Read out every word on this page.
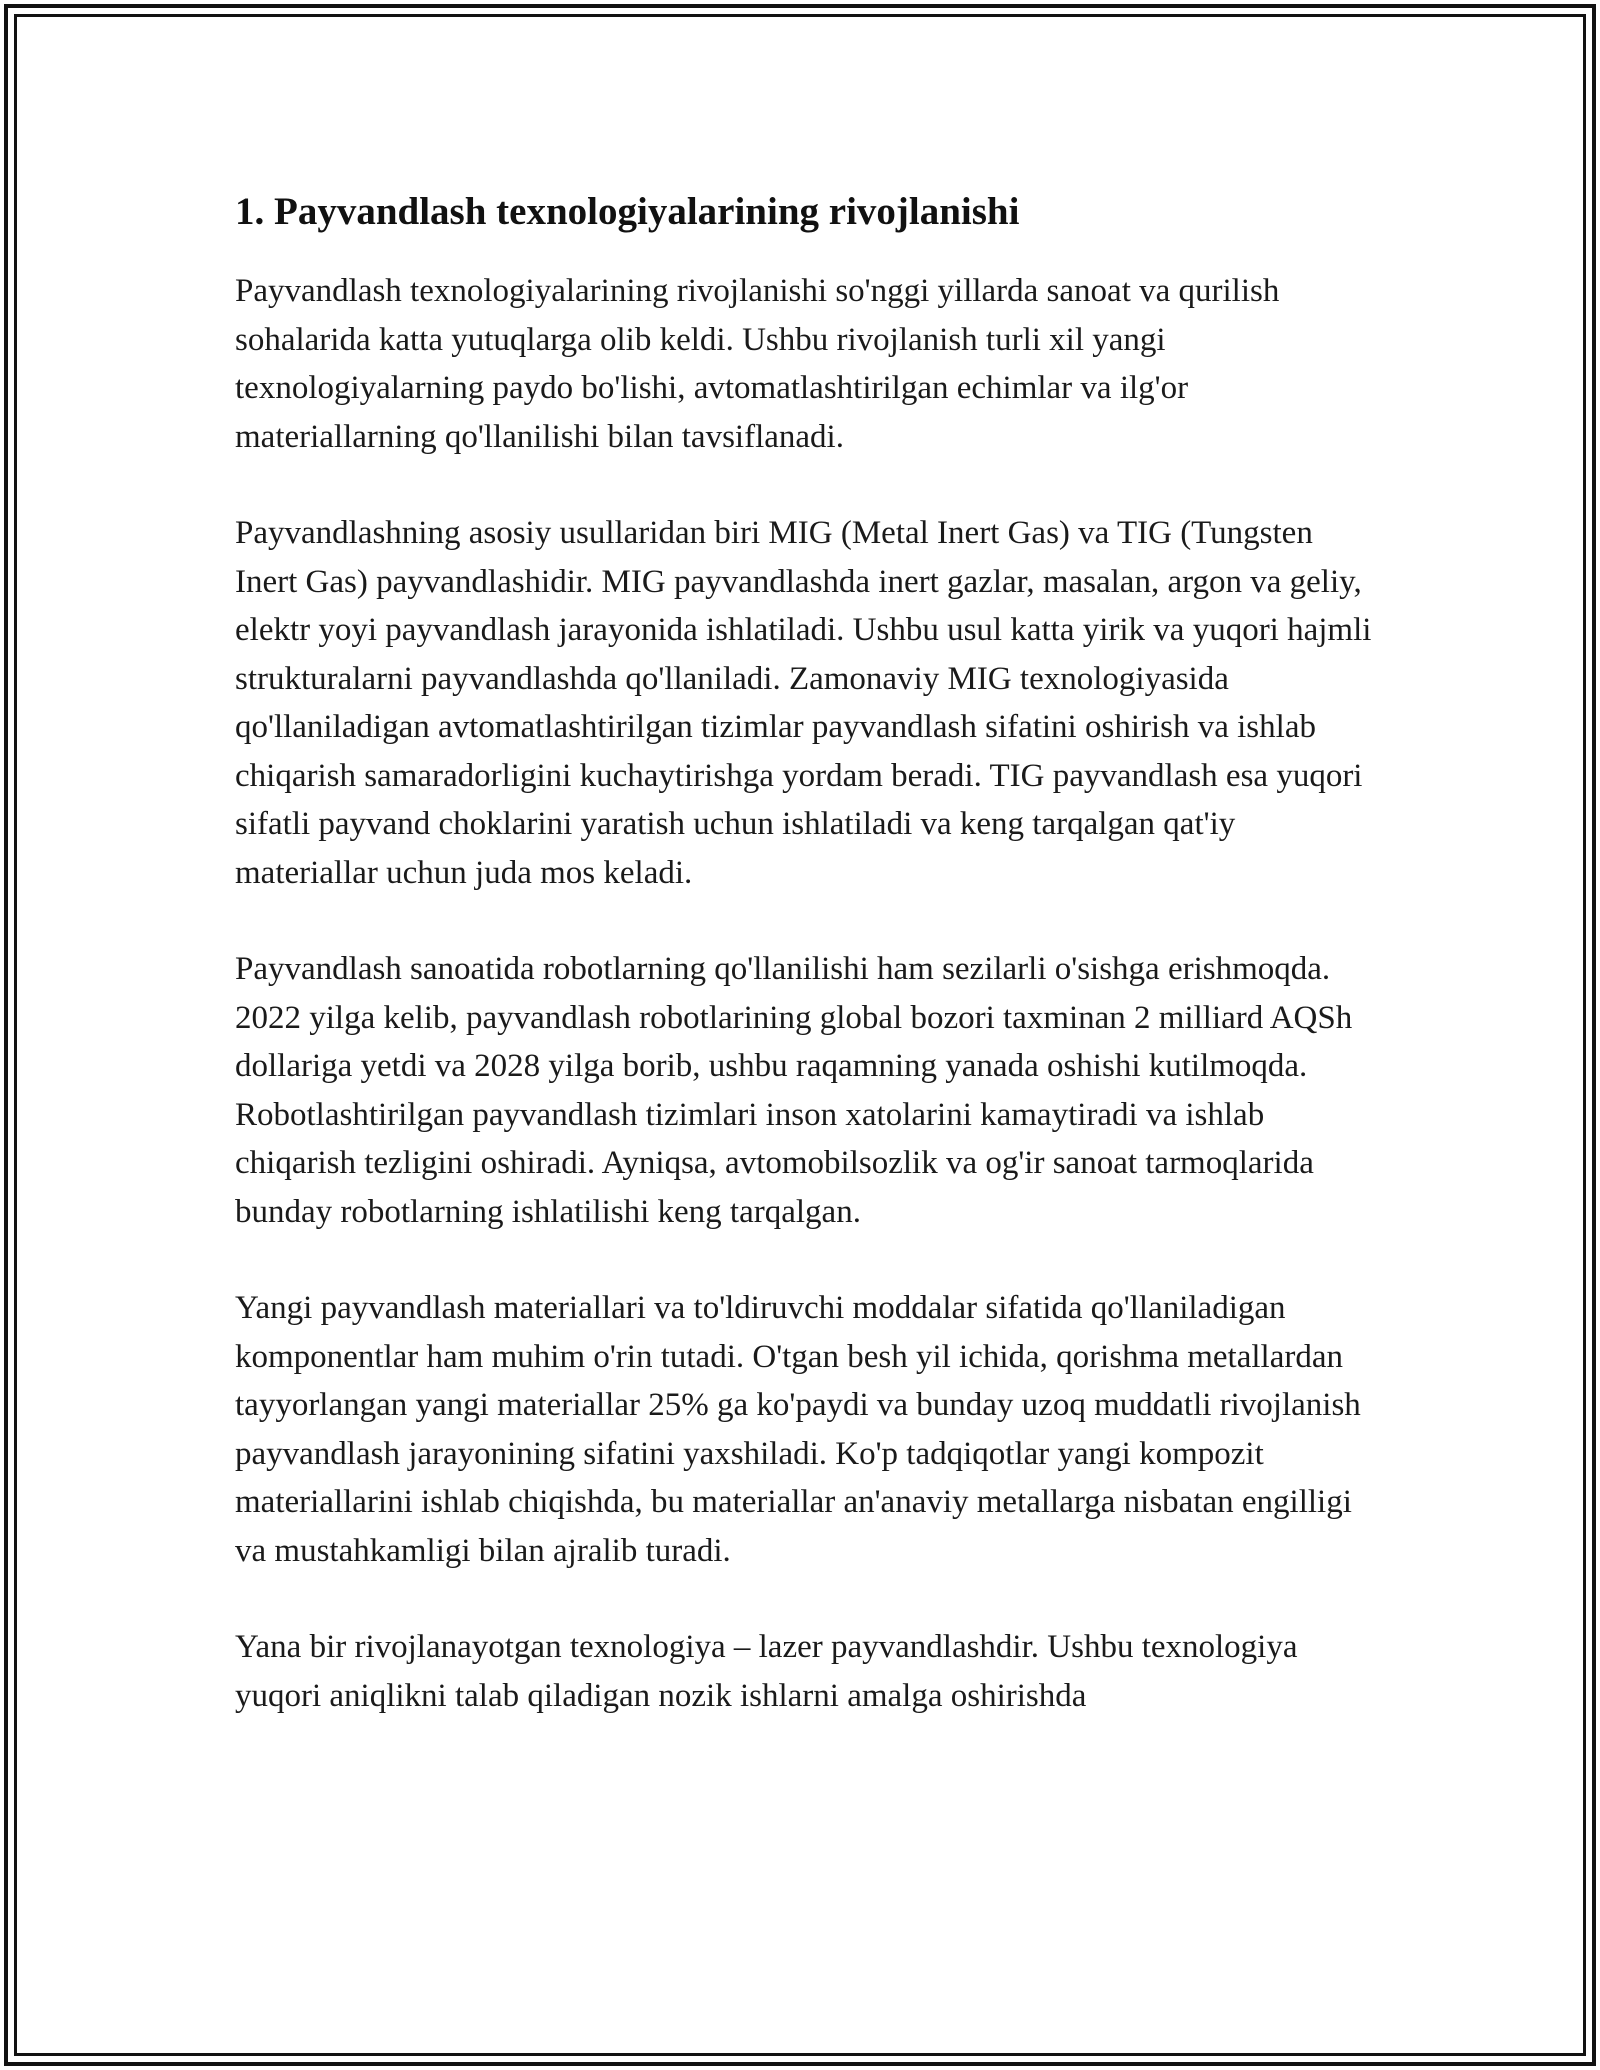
1. Payvandlash texnologiyalarining rivojlanishi

Payvandlash texnologiyalarining rivojlanishi so'nggi yillarda sanoat va qurilish sohalarida katta yutuqlarga olib keldi. Ushbu rivojlanish turli xil yangi texnologiyalarning paydo bo'lishi, avtomatlashtirilgan echimlar va ilg'or materiallarning qo'llanilishi bilan tavsiflanadi.

Payvandlashning asosiy usullaridan biri MIG (Metal Inert Gas) va TIG (Tungsten Inert Gas) payvandlashidir. MIG payvandlashda inert gazlar, masalan, argon va geliy, elektr yoyi payvandlash jarayonida ishlatiladi. Ushbu usul katta yirik va yuqori hajmli strukturalarni payvandlashda qo'llaniladi. Zamonaviy MIG texnologiyasida qo'llaniladigan avtomatlashtirilgan tizimlar payvandlash sifatini oshirish va ishlab chiqarish samaradorligini kuchaytirishga yordam beradi. TIG payvandlash esa yuqori sifatli payvand choklarini yaratish uchun ishlatiladi va keng tarqalgan qat'iy materiallar uchun juda mos keladi.

Payvandlash sanoatida robotlarning qo'llanilishi ham sezilarli o'sishga erishmoqda. 2022 yilga kelib, payvandlash robotlarining global bozori taxminan 2 milliard AQSh dollariga yetdi va 2028 yilga borib, ushbu raqamning yanada oshishi kutilmoqda. Robotlashtirilgan payvandlash tizimlari inson xatolarini kamaytiradi va ishlab chiqarish tezligini oshiradi. Ayniqsa, avtomobilsozlik va og'ir sanoat tarmoqlarida bunday robotlarning ishlatilishi keng tarqalgan.

Yangi payvandlash materiallari va to'ldiruvchi moddalar sifatida qo'llaniladigan komponentlar ham muhim o'rin tutadi. O'tgan besh yil ichida, qorishma metallardan tayyorlangan yangi materiallar 25% ga ko'paydi va bunday uzoq muddatli rivojlanish payvandlash jarayonining sifatini yaxshiladi. Ko'p tadqiqotlar yangi kompozit materiallarini ishlab chiqishda, bu materiallar an'anaviy metallarga nisbatan engilligi va mustahkamligi bilan ajralib turadi.

Yana bir rivojlanayotgan texnologiya – lazer payvandlashdir. Ushbu texnologiya yuqori aniqlikni talab qiladigan nozik ishlarni amalga oshirishda
